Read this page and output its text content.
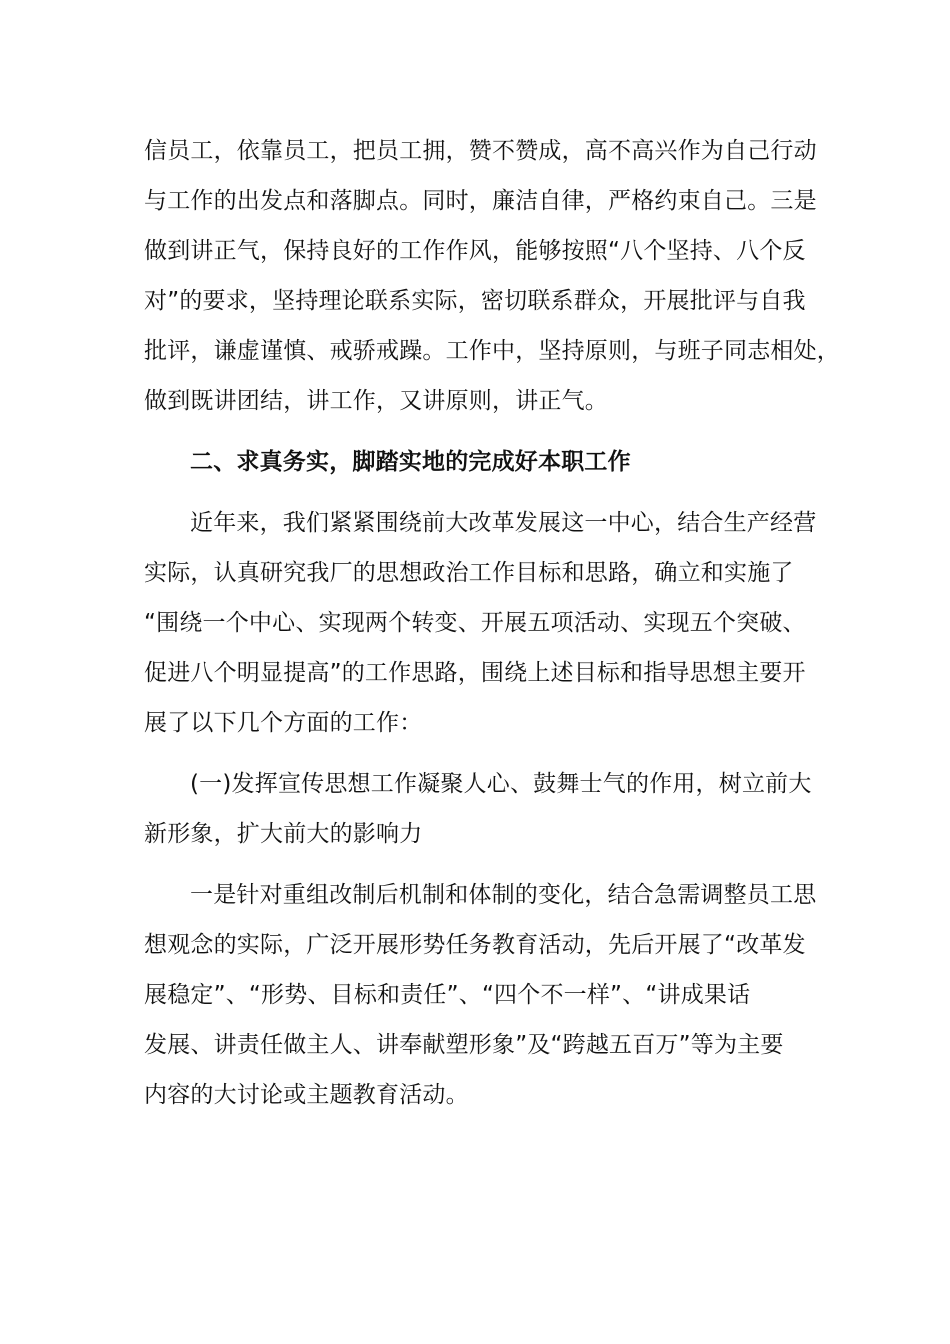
信员工，依靠员工，把员工拥，赞不赞成，高不高兴作为自己行动
与工作的出发点和落脚点。同时，廉洁自律，严格约束自己。三是
做到讲正气，保持良好的工作作风，能够按照“八个坚持、八个反
对”的要求，坚持理论联系实际，密切联系群众，开展批评与自我
批评，谦虚谨慎、戒骄戒躁。工作中，坚持原则，与班子同志相处，
做到既讲团结，讲工作，又讲原则，讲正气。
二、求真务实，脚踏实地的完成好本职工作
近年来，我们紧紧围绕前大改革发展这一中心，结合生产经营
实际，认真研究我厂的思想政治工作目标和思路，确立和实施了
“围绕一个中心、实现两个转变、开展五项活动、实现五个突破、
促进八个明显提高”的工作思路，围绕上述目标和指导思想主要开
展了以下几个方面的工作：
(一)发挥宣传思想工作凝聚人心、鼓舞士气的作用，树立前大
新形象，扩大前大的影响力
一是针对重组改制后机制和体制的变化，结合急需调整员工思
想观念的实际，广泛开展形势任务教育活动，先后开展了“改革发
展稳定”、“形势、目标和责任”、“四个不一样”、“讲成果话
发展、讲责任做主人、讲奉献塑形象”及“跨越五百万”等为主要
内容的大讨论或主题教育活动。
